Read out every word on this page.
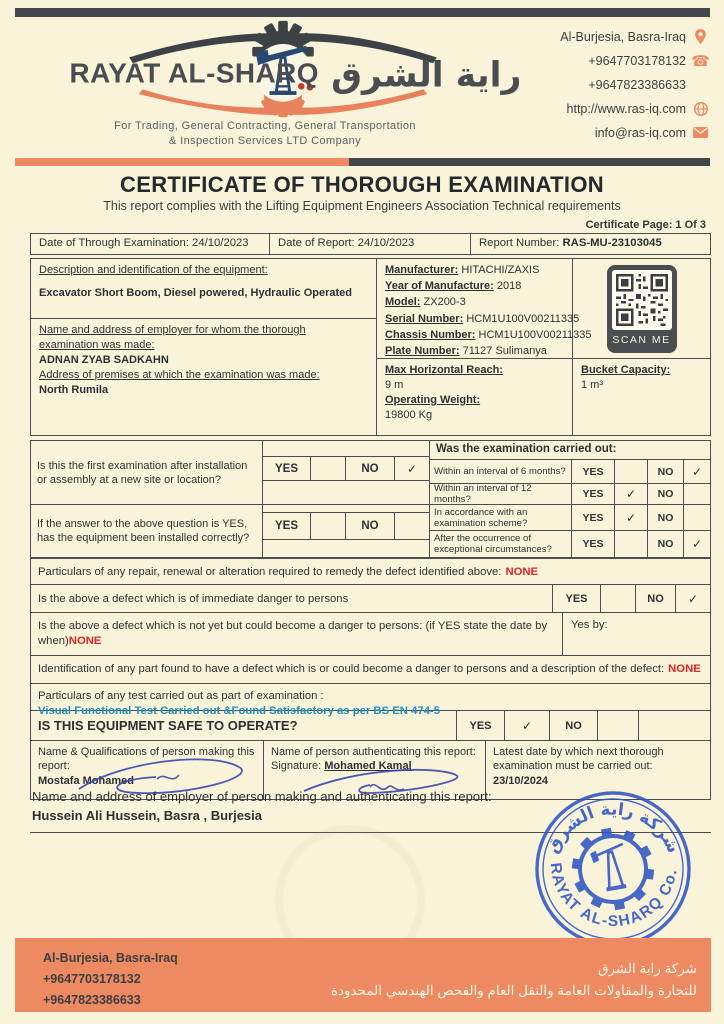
RAYAT AL-SHARQ راية الشرق
For Trading, General Contracting, General Transportation
& Inspection Services LTD Company
Al-Burjesia, Basra-Iraq
+9647703178132 ☎
+9647823386633
http://www.ras-iq.com
info@ras-iq.com
CERTIFICATE OF THOROUGH EXAMINATION
This report complies with the Lifting Equipment Engineers Association Technical requirements
Certificate Page: 1 Of 3
Date of Through Examination: 24/10/2023	Date of Report: 24/10/2023	Report Number: RAS-MU-23103045
Description and identification of the equipment:
Excavator Short Boom, Diesel powered, Hydraulic Operated
Name and address of employer for whom the thorough examination was made:
ADNAN ZYAB SADKAHN
Address of premises at which the examination was made:
North Rumila
Manufacturer: HITACHI/ZAXIS
Year of Manufacture: 2018
Model: ZX200-3
Serial Number: HCM1U100V00211335
Chassis Number: HCM1U100V00211335
Plate Number: 71127 Sulimanya
Max Horizontal Reach:
9 m
Operating Weight:
19800 Kg
SCAN ME
Bucket Capacity:
1 m³
Is this the first examination after installation or assembly at a new site or location?
If the answer to the above question is YES, has the equipment been installed correctly?
YES	NO	✓
YES	NO
Was the examination carried out:
Within an interval of 6 months?	YES	NO	✓
Within an interval of 12 months?	YES	✓	NO
In accordance with an examination scheme?	YES	✓	NO
After the occurrence of exceptional circumstances?	YES	NO	✓
Particulars of any repair, renewal or alteration required to remedy the defect identified above: NONE
Is the above a defect which is of immediate danger to persons	YES	NO	✓
Is the above a defect which is not yet but could become a danger to persons: (if YES state the date by when)NONE
Yes by:
Identification of any part found to have a defect which is or could become a danger to persons and a description of the defect: NONE
Particulars of any test carried out as part of examination :
Visual Functional Test Carried out &Found Satisfactory as per BS EN 474-5
IS THIS EQUIPMENT SAFE TO OPERATE?	YES	✓	NO
Name & Qualifications of person making this report:
Mostafa Mohamed
Name of person authenticating this report:
Signature: Mohamed Kamal
Latest date by which next thorough examination must be carried out:
23/10/2024
Name and address of employer of person making and authenticating this report:
Hussein Ali Hussein, Basra , Burjesia
شركة راية الشرق
RAYAT AL-SHARQ Co.
Al-Burjesia, Basra-Iraq
+9647703178132
+9647823386633
شركة راية الشرق
للتجارة والمقاولات العامة والنقل العام والفحص الهندسي المحدودة
